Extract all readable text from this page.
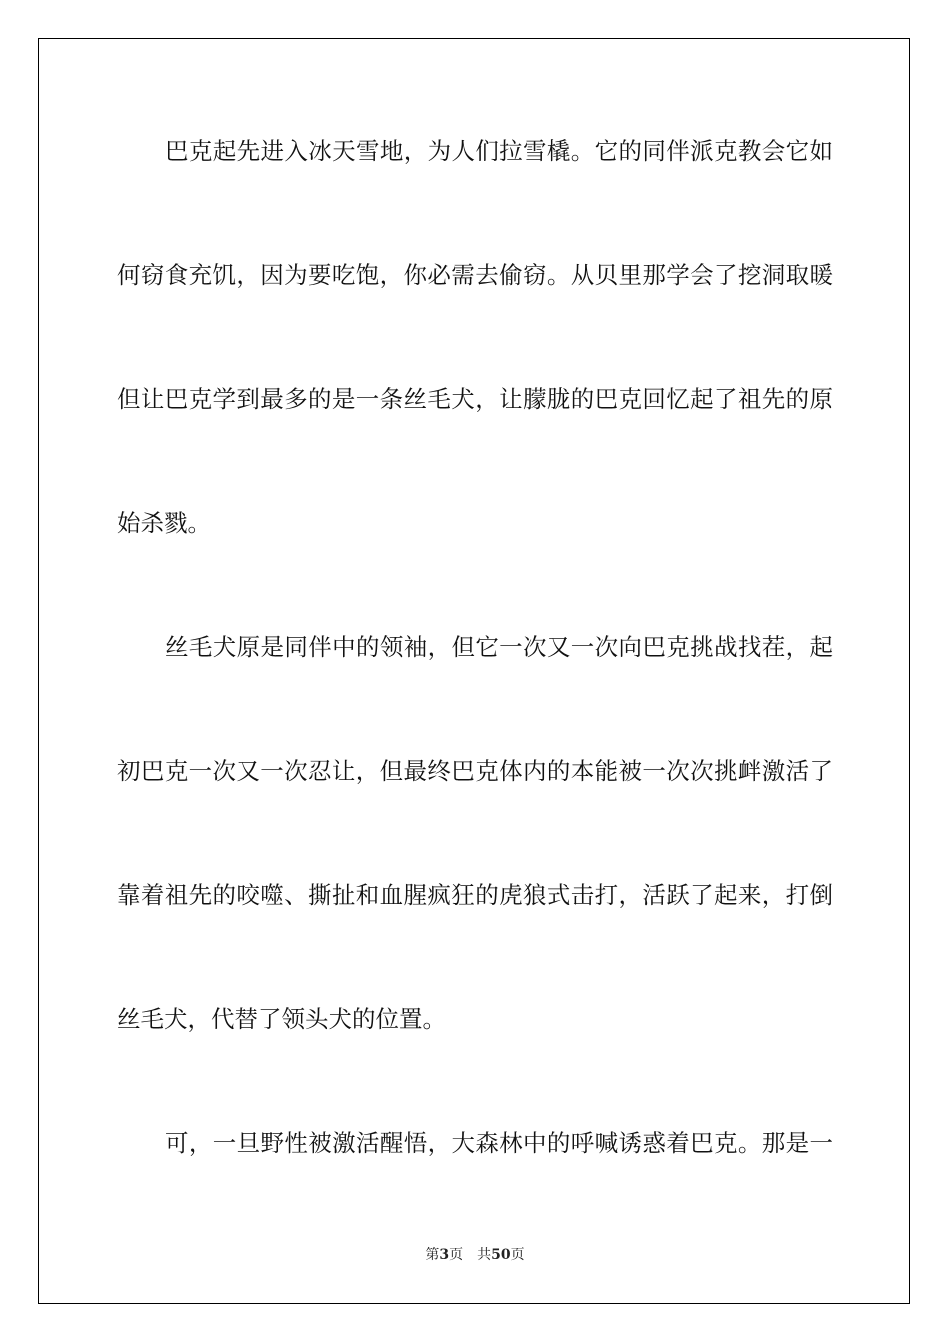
巴克起先进入冰天雪地，为人们拉雪橇。它的同伴派克教会它如
何窃食充饥，因为要吃饱，你必需去偷窃。从贝里那学会了挖洞取暖
但让巴克学到最多的是一条丝毛犬，让朦胧的巴克回忆起了祖先的原
始杀戮。
丝毛犬原是同伴中的领袖，但它一次又一次向巴克挑战找茬，起
初巴克一次又一次忍让，但最终巴克体内的本能被一次次挑衅激活了
靠着祖先的咬噬、撕扯和血腥疯狂的虎狼式击打，活跃了起来，打倒
丝毛犬，代替了领头犬的位置。
可，一旦野性被激活醒悟，大森林中的呼喊诱惑着巴克。那是一
第3页 共50页
